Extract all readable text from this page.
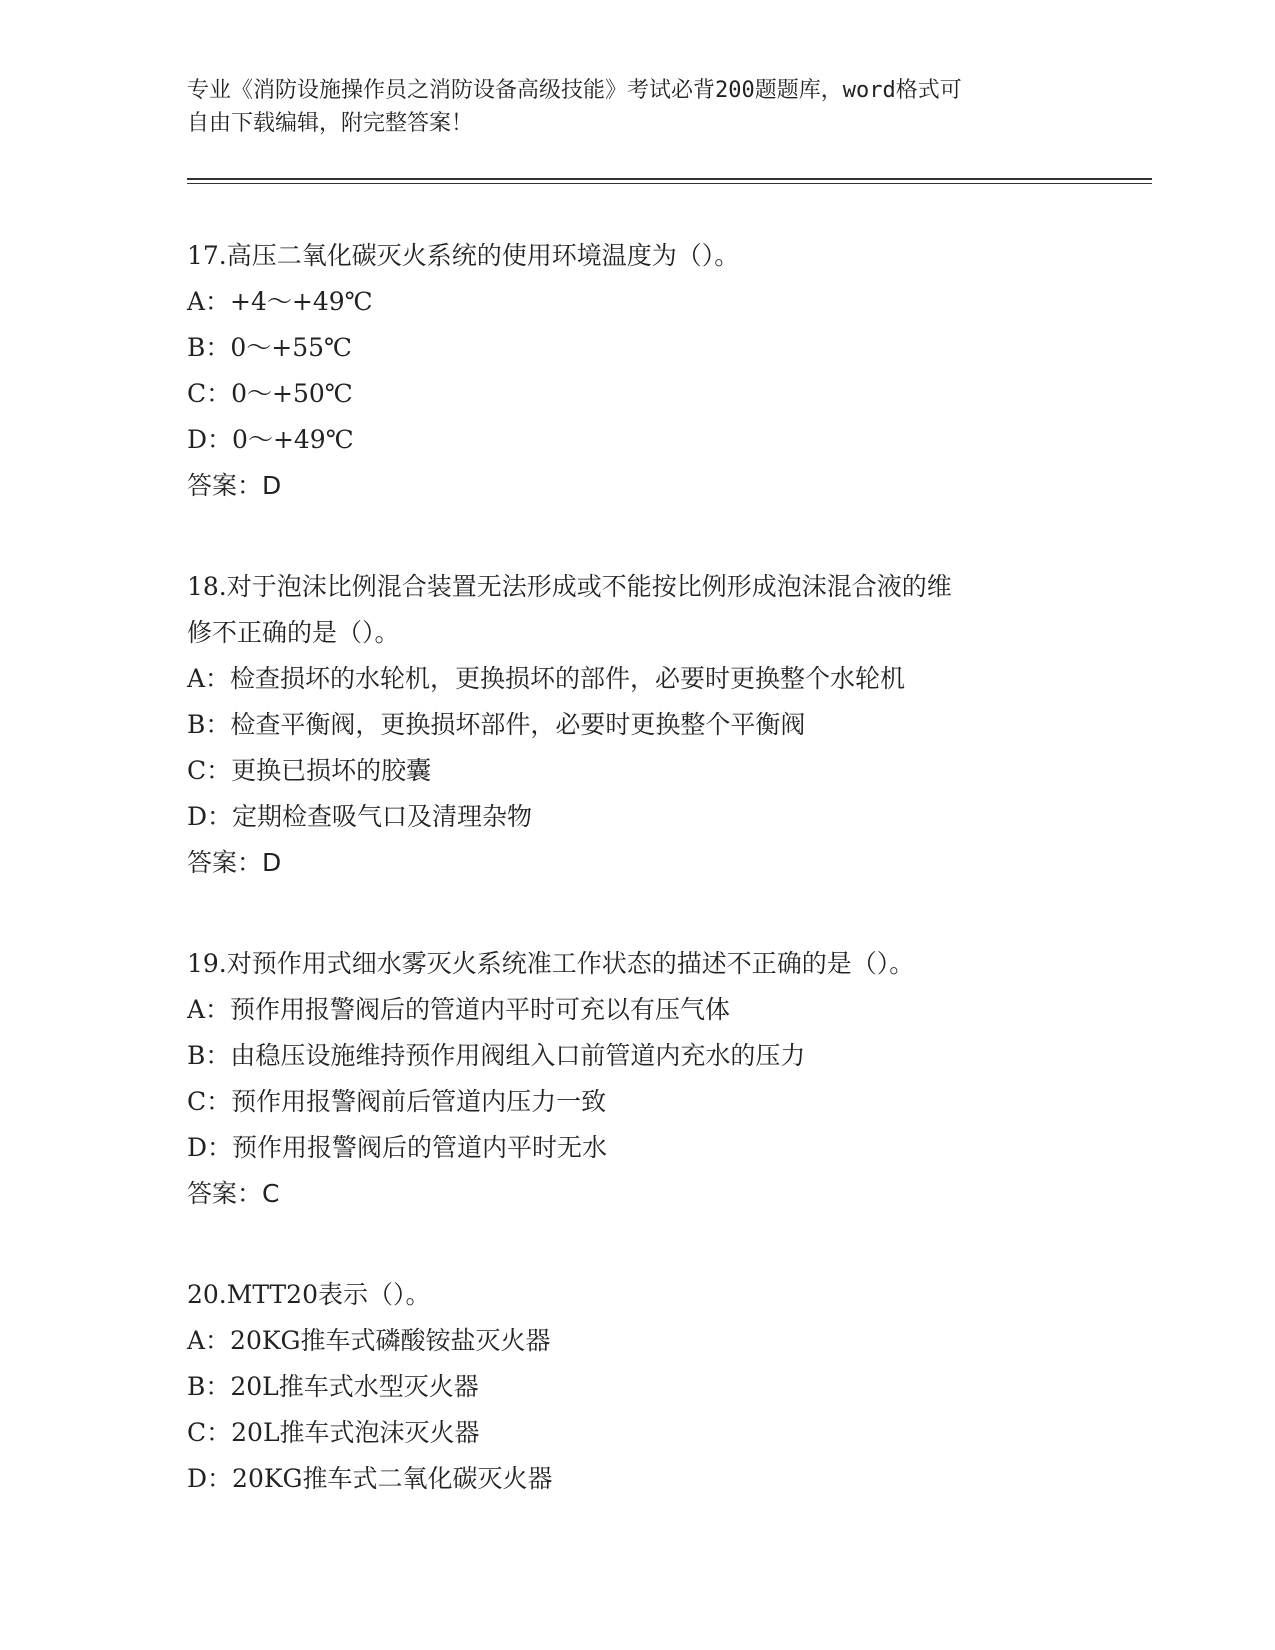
专业《消防设施操作员之消防设备高级技能》考试必背200题题库，word格式可
自由下载编辑，附完整答案！
17.高压二氧化碳灭火系统的使用环境温度为（）。
A：+4～+49℃
B：0～+55℃
C：0～+50℃
D：0～+49℃
答案：D
18.对于泡沫比例混合装置无法形成或不能按比例形成泡沫混合液的维
修不正确的是（）。
A：检查损坏的水轮机，更换损坏的部件，必要时更换整个水轮机
B：检查平衡阀，更换损坏部件，必要时更换整个平衡阀
C：更换已损坏的胶囊
D：定期检查吸气口及清理杂物
答案：D
19.对预作用式细水雾灭火系统准工作状态的描述不正确的是（）。
A：预作用报警阀后的管道内平时可充以有压气体
B：由稳压设施维持预作用阀组入口前管道内充水的压力
C：预作用报警阀前后管道内压力一致
D：预作用报警阀后的管道内平时无水
答案：C
20.MTT20表示（）。
A：20KG推车式磷酸铵盐灭火器
B：20L推车式水型灭火器
C：20L推车式泡沫灭火器
D：20KG推车式二氧化碳灭火器
